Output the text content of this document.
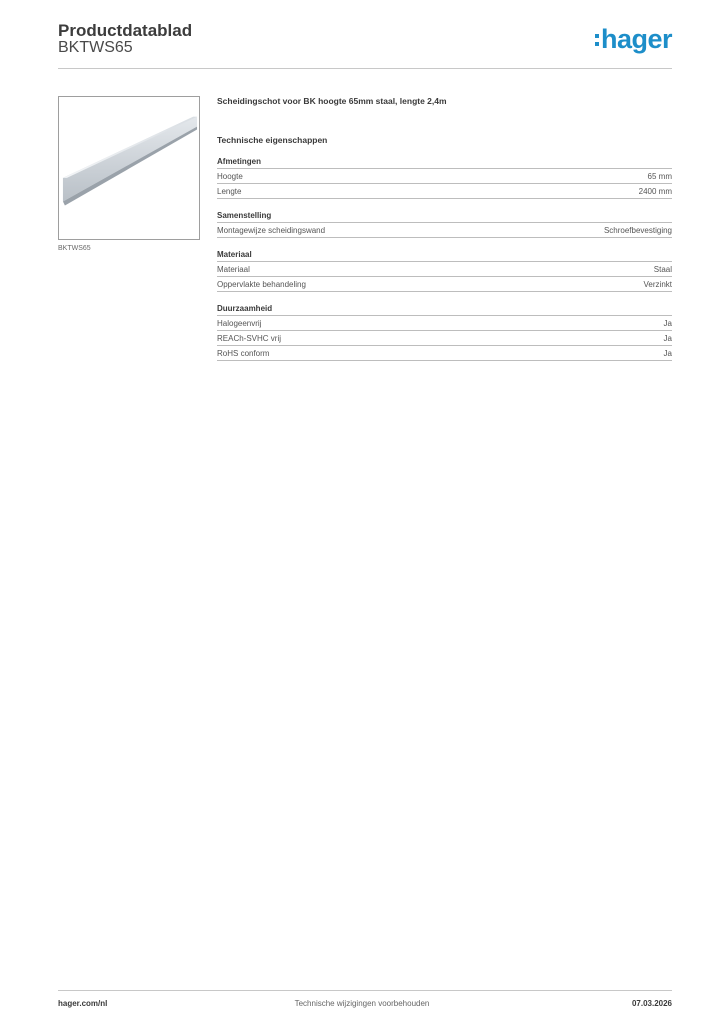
Productdatablad
BKTWS65	hager
BKTWS65
Scheidingschot voor BK hoogte 65mm staal, lengte 2,4m
Technische eigenschappen
Afmetingen
Hoogte	65 mm
Lengte	2400 mm
Samenstelling
Montagewijze scheidingswand	Schroefbevestiging
Materiaal
Materiaal	Staal
Oppervlakte behandeling	Verzinkt
Duurzaamheid
Halogeenvrij	Ja
REACh-SVHC vrij	Ja
RoHS conform	Ja
hager.com/nl	Technische wijzigingen voorbehouden	07.03.2026
